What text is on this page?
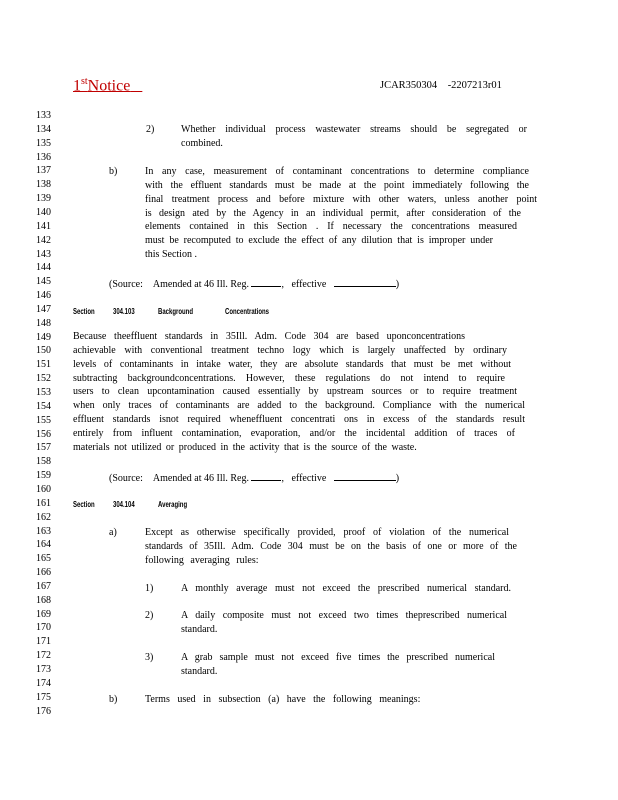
1stNotice	JCAR350304 -2207213r01
133
134
135
136
137
138
139
140
141
142
143
144
145
146
147
148
149
150
151
152
153
154
155
156
157
158
159
160
161
162
163
164
165
166
167
168
169
170
171
172
173
174
175
176
2)	Whether individual process wastewater streams should be segregated or
combined.
b)	In any case, measurement of contaminant concentrations to determine compliance
with the effluent standards must be made at the point immediately following the
final treatment process and before mixture with other waters, unless another point
is design ated by the Agency in an individual permit, after consideration of the
elements contained in this Section . If necessary the concentrations measured
must be recomputed to exclude the effect of any dilution that is improper under
this Section .
(Source: Amended at 46 Ill. Reg.	, effective	)
Section 304.103	Background	Concentrations
Because theeffluent standards in 35Ill. Adm. Code 304 are based uponconcentrations
achievable with conventional treatment techno logy which is largely unaffected by ordinary
levels of contaminants in intake water, they are absolute standards that must be met without
subtracting backgroundconcentrations. However, these regulations do not intend to require
users to clean upcontamination caused essentially by upstream sources or to require treatment
when only traces of contaminants are added to the background. Compliance with the numerical
effluent standards isnot required wheneffluent concentrati ons in excess of the standards result
entirely from influent contamination, evaporation, and/or the incidental addition of traces of
materials not utilized or produced in the activity that is the source of the waste.
(Source: Amended at 46 Ill. Reg.	, effective	)
Section 304.104	Averaging
a)	Except as otherwise specifically provided, proof of violation of the numerical
standards of 35Ill. Adm. Code 304 must be on the basis of one or more of the
following averaging rules:
1)	A monthly average must not exceed the prescribed numerical standard.
2)	A daily composite must not exceed two times theprescribed numerical
standard.
3)	A grab sample must not exceed five times the prescribed numerical
standard.
b)	Terms used in subsection (a) have the following meanings:
